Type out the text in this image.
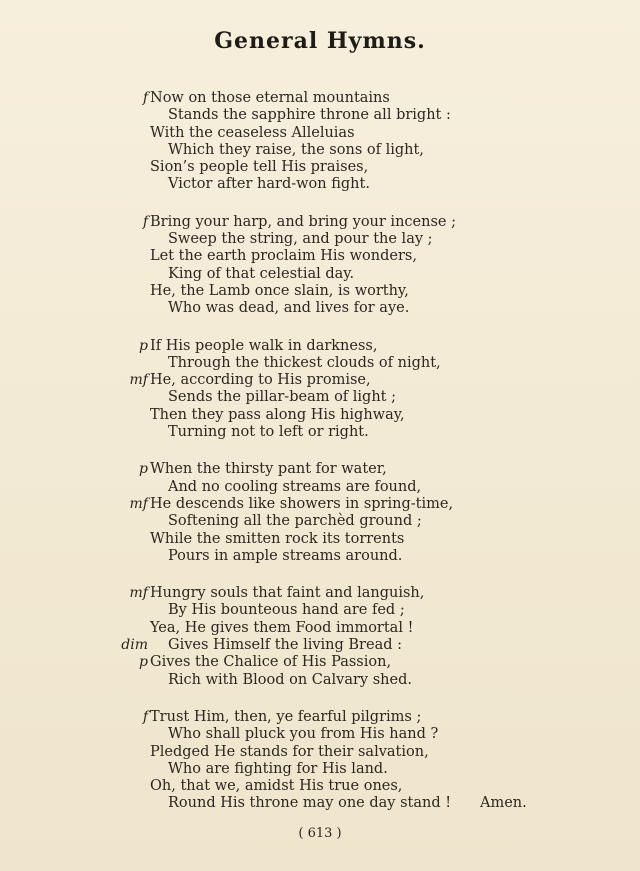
General Hymns.
f Now on those eternal mountains
Stands the sapphire throne all bright :
With the ceaseless Alleluias
Which they raise, the sons of light,
Sion’s people tell His praises,
Victor after hard-won fight.
f Bring your harp, and bring your incense ;
Sweep the string, and pour the lay ;
Let the earth proclaim His wonders,
King of that celestial day.
He, the Lamb once slain, is worthy,
Who was dead, and lives for aye.
p If His people walk in darkness,
Through the thickest clouds of night,
mf He, according to His promise,
Sends the pillar-beam of light ;
Then they pass along His highway,
Turning not to left or right.
p When the thirsty pant for water,
And no cooling streams are found,
mf He descends like showers in spring-time,
Softening all the parchèd ground ;
While the smitten rock its torrents
Pours in ample streams around.
mf Hungry souls that faint and languish,
By His bounteous hand are fed ;
Yea, He gives them Food immortal !
dim Gives Himself the living Bread :
p Gives the Chalice of His Passion,
Rich with Blood on Calvary shed.
f Trust Him, then, ye fearful pilgrims ;
Who shall pluck you from His hand ?
Pledged He stands for their salvation,
Who are fighting for His land.
Oh, that we, amidst His true ones,
Round His throne may one day stand ! Amen.
( 613 )
